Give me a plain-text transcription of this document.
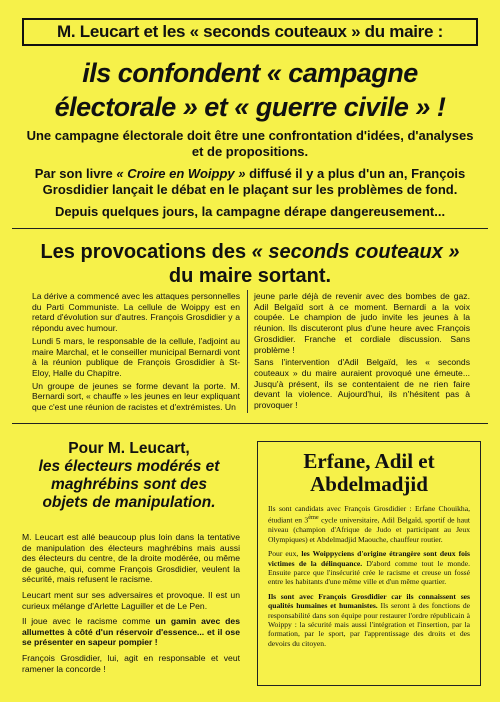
M. Leucart et les « seconds couteaux » du maire :
ils confondent « campagne
électorale » et « guerre civile » !

Une campagne électorale doit être une confrontation d'idées, d'analyses et de propositions.

Par son livre « Croire en Woippy » diffusé il y a plus d'un an, François Grosdidier lançait le débat en le plaçant sur les problèmes de fond.

Depuis quelques jours, la campagne dérape dangereusement...

Les provocations des « seconds couteaux »
du maire sortant.

La dérive a commencé avec les attaques personnelles du Parti Communiste. La cellule de Woippy est en retard d'évolution sur d'autres. François Grosdidier y a répondu avec humour.

Lundi 5 mars, le responsable de la cellule, l'adjoint au maire Marchal, et le conseiller municipal Bernardi vont à la réunion publique de François Grosdidier à St-Eloy, Halle du Chapitre.

Un groupe de jeunes se forme devant la porte. M. Bernardi sort, « chauffe » les jeunes en leur expliquant que c'est une réunion de racistes et d'extrémistes. Un

jeune parle déjà de revenir avec des bombes de gaz. Adil Belgaïd sort à ce moment. Bernardi a la voix coupée. Le champion de judo invite les jeunes à la réunion. Ils discuteront plus d'une heure avec François Grosdidier. Franche et cordiale discussion. Sans problème !

Sans l'intervention d'Adil Belgaïd, les « seconds couteaux » du maire auraient provoqué une émeute... Jusqu'à présent, ils se contentaient de ne rien faire devant la violence. Aujourd'hui, ils n'hésitent pas à provoquer !

Pour M. Leucart,
les électeurs modérés et
maghrébins sont des
objets de manipulation.

M. Leucart est allé beaucoup plus loin dans la tentative de manipulation des électeurs maghrébins mais aussi des électeurs du centre, de la droite modérée, ou même de gauche, qui, comme François Grosdidier, veulent la sécurité, mais refusent le racisme.

Leucart ment sur ses adversaires et provoque. Il est un curieux mélange d'Arlette Laguiller et de Le Pen.

Il joue avec le racisme comme un gamin avec des allumettes à côté d'un réservoir d'essence... et il ose se présenter en sapeur pompier !

François Grosdidier, lui, agit en responsable et veut ramener la concorde !

Erfane, Adil et
Abdelmadjid

Ils sont candidats avec François Grosdidier : Erfane Chouikha, étudiant en 3ème cycle universitaire, Adil Belgaïd, sportif de haut niveau (champion d'Afrique de Judo et participant au Jeux Olympiques) et Abdelmadjid Maouche, chauffeur routier.

Pour eux, les Woippyciens d'origine étrangère sont deux fois victimes de la délinquance. D'abord comme tout le monde. Ensuite parce que l'insécurité crée le racisme et creuse un fossé entre les habitants d'une même ville et d'un même quartier.

Ils sont avec François Grosdidier car ils connaissent ses qualités humaines et humanistes. Ils seront à des fonctions de responsabilité dans son équipe pour restaurer l'ordre républicain à Woippy : la sécurité mais aussi l'intégration et l'insertion, par la formation, par le sport, par l'apprentissage des droits et des devoirs du citoyen.
